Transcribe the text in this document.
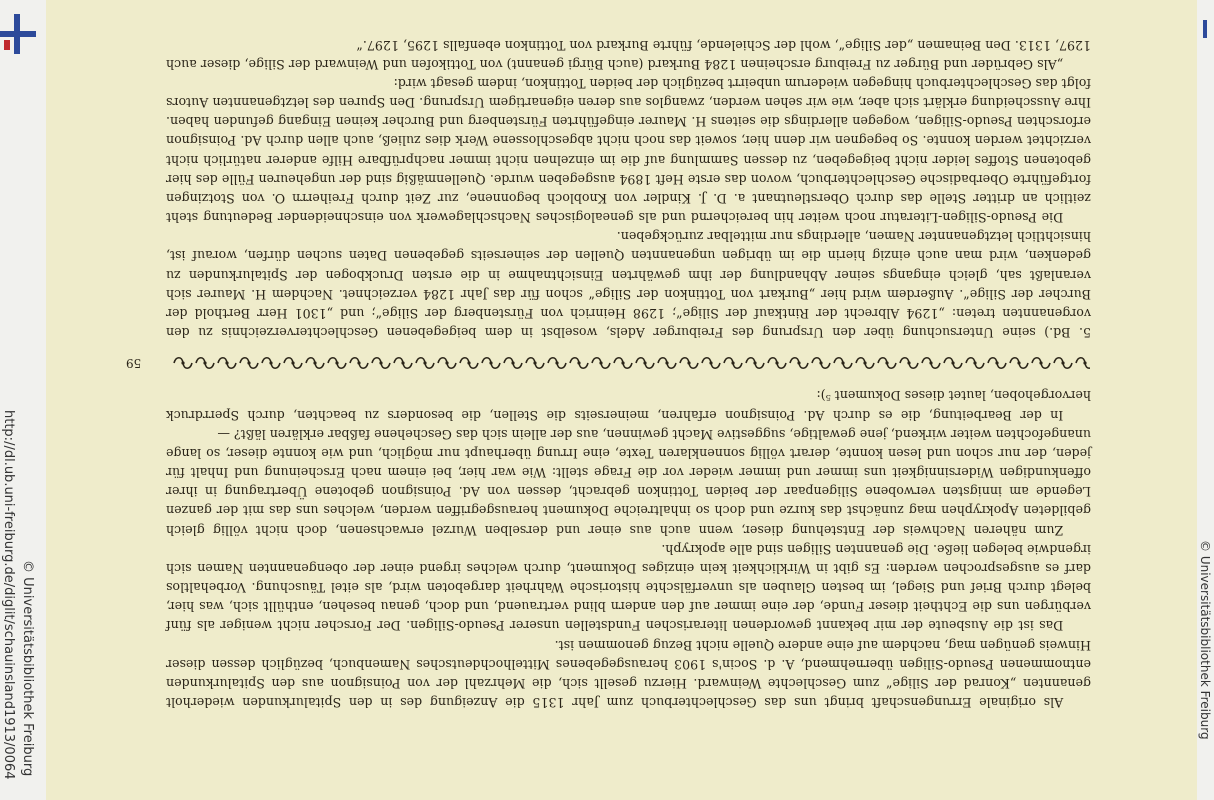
http://dl.ub.uni-freiburg.de/diglit/schauinsland1913/0064 © Universitätsbibliothek Freiburg	© Universitätsbibliothek Freiburg
59

5. Bd.) seine Untersuchung über den Ursprung des Freiburger Adels, woselbst in dem beigegebenen Geschlechterverzeichnis zu den vorgenannten treten: „1294 Albrecht der Rintkauf der Silige“; 1298 Heinrich von Fürstenberg der Silige“; und „1301 Herr Berthold der Burcher der Silige“. Außerdem wird hier „Burkart von Tottinkon der Silige“ schon für das Jahr 1284 verzeichnet. Nachdem H. Maurer sich veranlaßt sah, gleich eingangs seiner Abhandlung der ihm gewährten Einsichtnahme in die ersten Druckbogen der Spitalurkunden zu gedenken, wird man auch einzig hierin die im übrigen ungenannten Quellen der seinerseits gegebenen Daten suchen dürfen, worauf ist, hinsichtlich letztgenannter Namen, allerdings nur mittelbar zurückgeben.

Die Pseudo-Siligen-Literatur noch weiter hin bereichernd und als genealogisches Nachschlagewerk von einschneidender Bedeutung steht zeitlich an dritter Stelle das durch Oberstleutnant a. D. J. Kindler von Knobloch begonnene, zur Zeit durch Freiherrn O. von Stotzingen fortgeführte Oberbadische Geschlechterbuch, wovon das erste Heft 1894 ausgegeben wurde. Quellenmäßig sind der ungeheuren Fülle des hier gebotenen Stoffes leider nicht beigegeben, zu dessen Sammlung auf die im einzelnen nicht immer nachprüfbare Hilfe anderer natürlich nicht verzichtet werden konnte. So begegnen wir denn hier, soweit das noch nicht abgeschlossene Werk dies zuließ, auch allen durch Ad. Poinsignon erforschten Pseudo-Siligen, wogegen allerdings die seitens H. Maurer eingeführten Fürstenberg und Burcher keinen Eingang gefunden haben. Ihre Ausscheidung erklärt sich aber, wie wir sehen werden, zwanglos aus deren eigenartigem Ursprung. Den Spuren des letztgenannten Autors folgt das Geschlechterbuch hingegen wiederum unbeirrt bezüglich der beiden Tottinkon, indem gesagt wird:

„Als Gebrüder und Bürger zu Freiburg erscheinen 1284 Burkard (auch Bürgi genannt) von Tottikofen und Weinward der Silige, dieser auch 1297, 1313. Den Beinamen „der Silige“, wohl der Schielende, führte Burkard von Tottinkon ebenfalls 1295, 1297.“

Als originale Errungenschaft bringt uns das Geschlechterbuch zum Jahr 1315 die Anzeigung des in den Spitalurkunden wiederholt genannten „Konrad der Silige“ zum Geschlechte Weinward. Hierzu gesellt sich, die Mehrzahl der von Poinsignon aus den Spitalurkunden entnommenen Pseudo-Siligen übernehmend, A. d. Socin's 1903 herausgegebenes Mittelhochdeutsches Namenbuch, bezüglich dessen dieser Hinweis genügen mag, nachdem auf eine andere Quelle nicht Bezug genommen ist.

Das ist die Ausbeute der mir bekannt gewordenen literarischen Fundstellen unserer Pseudo-Siligen. Der Forscher nicht weniger als fünf verbürgen uns die Echtheit dieser Funde, der eine immer auf den andern blind vertrauend, und doch, genau besehen, enthüllt sich, was hier, belegt durch Brief und Siegel, im besten Glauben als unverfälschte historische Wahrheit dargeboten wird, als eitel Täuschung. Vorbehaltlos darf es ausgesprochen werden: Es gibt in Wirklichkeit kein einziges Dokument, durch welches irgend einer der obengenannten Namen sich irgendwie belegen ließe. Die genannten Siligen sind alle apokryph.

Zum näheren Nachweis der Entstehung dieser, wenn auch aus einer und derselben Wurzel erwachsenen, doch nicht völlig gleich gebildeten Apokryphen mag zunächst das kurze und doch so inhaltreiche Dokument herausgegriffen werden, welches uns das mit der ganzen Legende am innigsten verwobene Siligenpaar der beiden Tottinkon gebracht, dessen von Ad. Poinsignon gebotene Übertragung in ihrer offenkundigen Widersinnigkeit uns immer und immer wieder vor die Frage stellt: Wie war hier, bei einem nach Erscheinung und Inhalt für jeden, der nur schon und lesen konnte, derart völlig sonnenklaren Texte, eine Irrung überhaupt nur möglich, und wie konnte dieser, so lange unangefochten weiter wirkend, jene gewaltige, suggestive Macht gewinnen, aus der allein sich das Geschehene faßbar erklären läßt? —

In der Bearbeitung, die es durch Ad. Poinsignon erfahren, meinerseits die Stellen, die besonders zu beachten, durch Sperrdruck hervorgehoben, lautet dieses Dokument ⁵):
